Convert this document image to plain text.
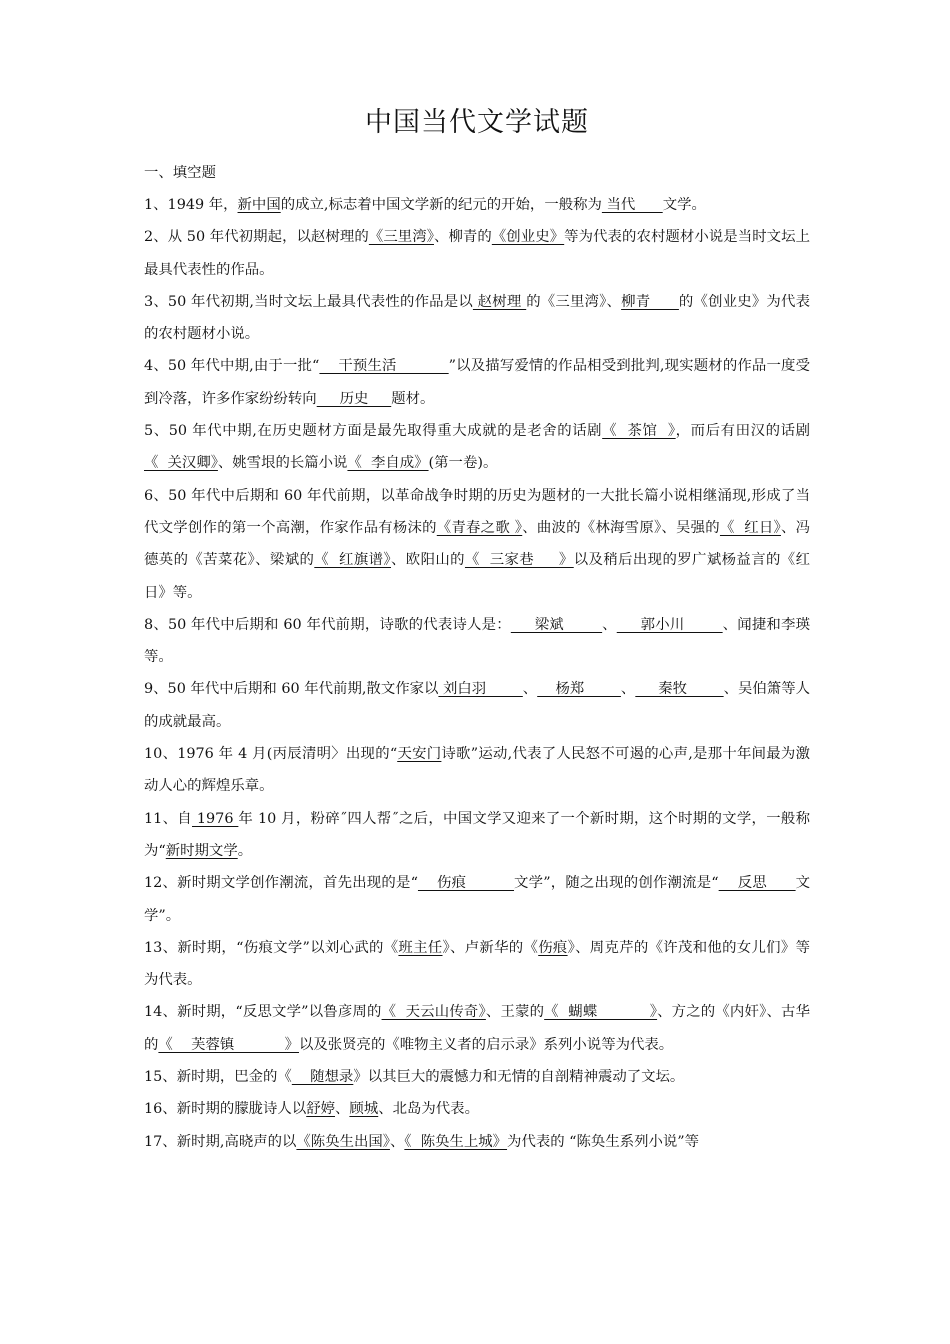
中国当代文学试题

一、填空题

1、1949 年，新中国的成立,标志着中国文学新的纪元的开始，一般称为 当代      文学。

2、从 50 年代初期起，以赵树理的《三里湾》、柳青的《创业史》等为代表的农村题材小说是当时文坛上最具代表性的作品。

3、50 年代初期,当时文坛上最具代表性的作品是以 赵树理 的《三里湾》、柳青      的《创业史》为代表的农村题材小说。

4、50 年代中期,由于一批“    干预生活           ”以及描写爱情的作品相受到批判,现实题材的作品一度受到冷落，许多作家纷纷转向     历史     题材。

5、50 年代中期,在历史题材方面是最先取得重大成就的是老舍的话剧《  茶馆  》，而后有田汉的话剧《  关汉卿》、姚雪垠的长篇小说《  李自成》(第一卷)。

6、50 年代中后期和 60 年代前期，以革命战争时期的历史为题材的一大批长篇小说相继涌现,形成了当代文学创作的第一个高潮，作家作品有杨沫的《青春之歌 》、曲波的《林海雪原》、吴强的《  红日》、冯德英的《苦菜花》、梁斌的《  红旗谱》、欧阳山的《  三家巷     》以及稍后出现的罗广斌杨益言的《红日》等。

8、50 年代中后期和 60 年代前期，诗歌的代表诗人是：     梁斌        、     郭小川        、闻捷和李瑛等。

9、50 年代中后期和 60 年代前期,散文作家以 刘白羽        、    杨郑        、     秦牧        、吴伯箫等人的成就最高。

10、1976 年 4 月(丙辰清明〉出现的“天安门诗歌”运动,代表了人民怒不可遏的心声,是那十年间最为激动人心的辉煌乐章。

11、自 1976 年 10 月，粉碎˝四人帮˝之后，中国文学又迎来了一个新时期，这个时期的文学，一般称为“新时期文学。

12、新时期文学创作潮流，首先出现的是“    伤痕          文学”，随之出现的创作潮流是“    反思      文学”。

13、新时期，“伤痕文学”以刘心武的《班主任》、卢新华的《伤痕》、周克芹的《许茂和他的女儿们》等为代表。

14、新时期，“反思文学”以鲁彦周的《  天云山传奇》、王蒙的《  蝴蝶           》、方之的《内奸》、古华的《    芙蓉镇           》以及张贤亮的《唯物主义者的启示录》系列小说等为代表。

15、新时期，巴金的《    随想录》以其巨大的震憾力和无情的自剖精神震动了文坛。

16、新时期的朦胧诗人以舒婷、顾城、北岛为代表。

17、新时期,高晓声的以《陈奂生出国》、《  陈奂生上城》为代表的 “陈奂生系列小说”等
